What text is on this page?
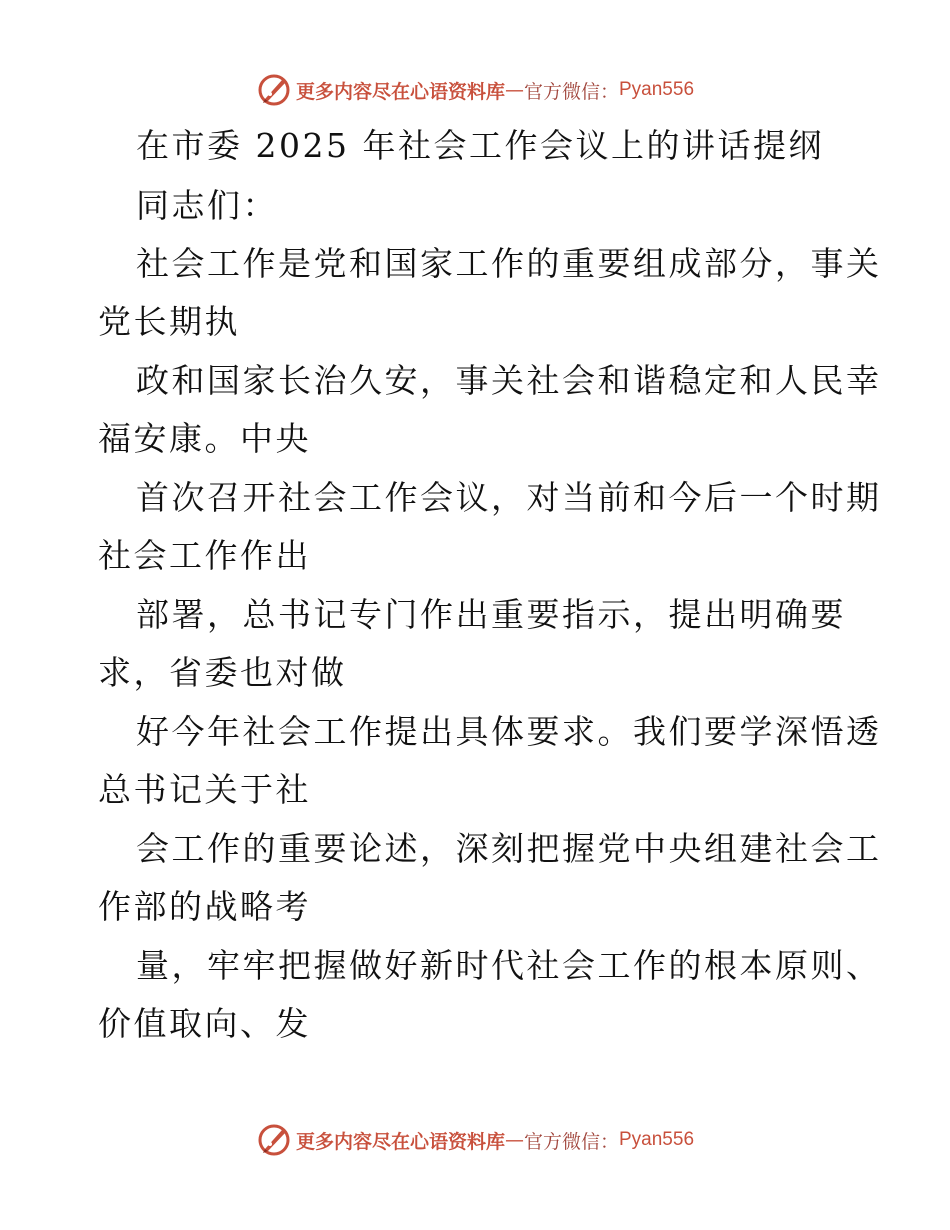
更多内容尽在心语资料库 — 官方微信： Pyan556
在市委 2025 年社会工作会议上的讲话提纲
同志们：
社会工作是党和国家工作的重要组成部分，事关
党长期执
政和国家长治久安，事关社会和谐稳定和人民幸
福安康。中央
首次召开社会工作会议，对当前和今后一个时期
社会工作作出
部署，总书记专门作出重要指示，提出明确要
求，省委也对做
好今年社会工作提出具体要求。我们要学深悟透
总书记关于社
会工作的重要论述，深刻把握党中央组建社会工
作部的战略考
量，牢牢把握做好新时代社会工作的根本原则、
价值取向、发
更多内容尽在心语资料库 — 官方微信： Pyan556
